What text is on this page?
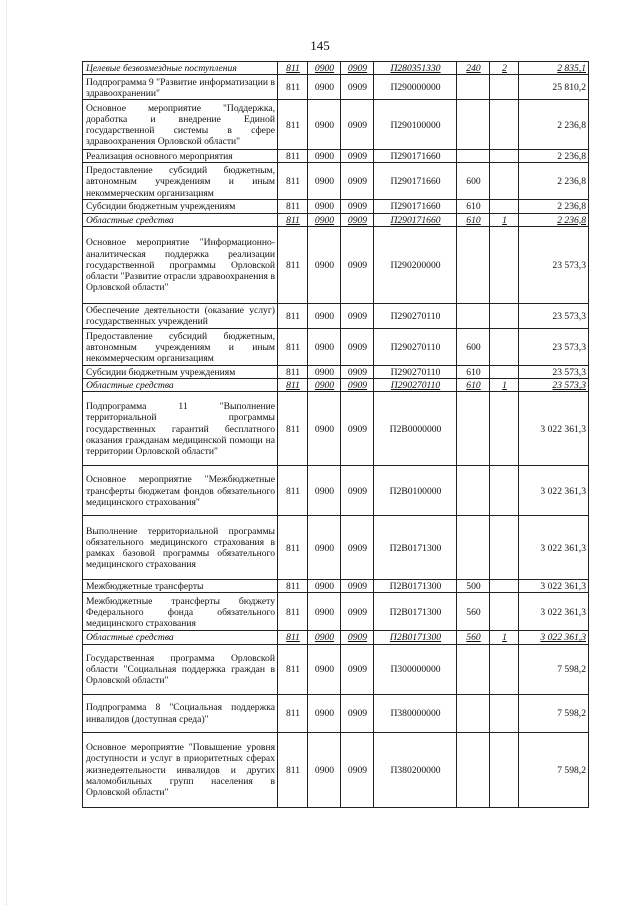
145
Целевые безвозмездные поступления	811	0900	0909	П280351330	240	2	2 835,1
Подпрограмма 9 "Развитие информатизации в здравоохранении"	811	0900	0909	П290000000			25 810,2
Основное мероприятие "Поддержка, доработка и внедрение Единой государственной системы в сфере здравоохранения Орловской области"	811	0900	0909	П290100000			2 236,8
Реализация основного мероприятия	811	0900	0909	П290171660			2 236,8
Предоставление субсидий бюджетным, автономным учреждениям и иным некоммерческим организациям	811	0900	0909	П290171660	600		2 236,8
Субсидии бюджетным учреждениям	811	0900	0909	П290171660	610		2 236,8
Областные средства	811	0900	0909	П290171660	610	1	2 236,8
Основное мероприятие "Информационно-аналитическая поддержка реализации государственной программы Орловской области "Развитие отрасли здравоохранения в Орловской области"	811	0900	0909	П290200000			23 573,3
Обеспечение деятельности (оказание услуг) государственных учреждений	811	0900	0909	П290270110			23 573,3
Предоставление субсидий бюджетным, автономным учреждениям и иным некоммерческим организациям	811	0900	0909	П290270110	600		23 573,3
Субсидии бюджетным учреждениям	811	0900	0909	П290270110	610		23 573,3
Областные средства	811	0900	0909	П290270110	610	1	23 573,3
Подпрограмма 11 "Выполнение территориальной программы государственных гарантий бесплатного оказания гражданам медицинской помощи на территории Орловской области"	811	0900	0909	П2В0000000			3 022 361,3
Основное мероприятие "Межбюджетные трансферты бюджетам фондов обязательного медицинского страхования"	811	0900	0909	П2В0100000			3 022 361,3
Выполнение территориальной программы обязательного медицинского страхования в рамках базовой программы обязательного медицинского страхования	811	0900	0909	П2В0171300			3 022 361,3
Межбюджетные трансферты	811	0900	0909	П2В0171300	500		3 022 361,3
Межбюджетные трансферты бюджету Федерального фонда обязательного медицинского страхования	811	0900	0909	П2В0171300	560		3 022 361,3
Областные средства	811	0900	0909	П2В0171300	560	1	3 022 361,3
Государственная программа Орловской области "Социальная поддержка граждан в Орловской области"	811	0900	0909	П300000000			7 598,2
Подпрограмма 8 "Социальная поддержка инвалидов (доступная среда)"	811	0900	0909	П380000000			7 598,2
Основное мероприятие "Повышение уровня доступности и услуг в приоритетных сферах жизнедеятельности инвалидов и других маломобильных групп населения в Орловской области"	811	0900	0909	П380200000			7 598,2
